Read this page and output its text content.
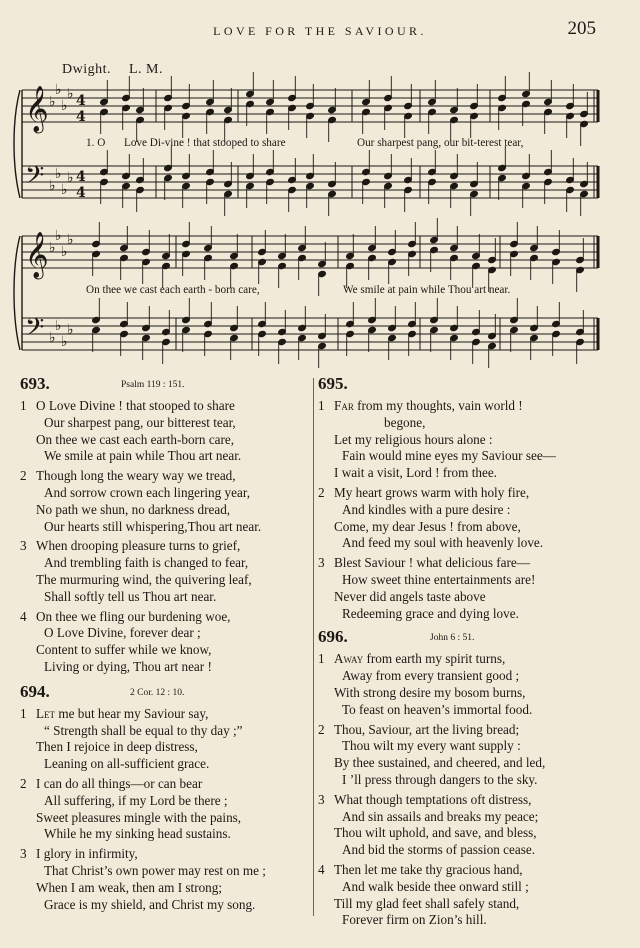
LOVE FOR THE SAVIOUR.	205
Dwight. L. M.
𝄞
𝄢
♭
♭
♭
♭
♭
♭
♭
♭
4
4
4
4
𝄞
𝄢
♭
♭
♭
♭
♭
♭
♭
♭
1. O Love Di-vine ! that stooped to share	Our sharpest pang, our bit-terest tear,
On thee we cast each earth - born care,	We smile at pain while Thou art near.
693.	Psalm 119 : 151.
1 O Love Divine ! that stooped to share
Our sharpest pang, our bitterest tear,
On thee we cast each earth-born care,
We smile at pain while Thou art near.
2 Though long the weary way we tread,
And sorrow crown each lingering year,
No path we shun, no darkness dread,
Our hearts still whispering,Thou art near.
3 When drooping pleasure turns to grief,
And trembling faith is changed to fear,
The murmuring wind, the quivering leaf,
Shall softly tell us Thou art near.
4 On thee we fling our burdening woe,
O Love Divine, forever dear ;
Content to suffer while we know,
Living or dying, Thou art near !
694.	2 Cor. 12 : 10.
1 Let me but hear my Saviour say,
“ Strength shall be equal to thy day ;”
Then I rejoice in deep distress,
Leaning on all-sufficient grace.
2 I can do all things—or can bear
All suffering, if my Lord be there ;
Sweet pleasures mingle with the pains,
While he my sinking head sustains.
3 I glory in infirmity,
That Christ’s own power may rest on me ;
When I am weak, then am I strong;
Grace is my shield, and Christ my song.
695.
1 Far from my thoughts, vain world !
begone,
Let my religious hours alone :
Fain would mine eyes my Saviour see—
I wait a visit, Lord ! from thee.
2 My heart grows warm with holy fire,
And kindles with a pure desire :
Come, my dear Jesus ! from above,
And feed my soul with heavenly love.
3 Blest Saviour ! what delicious fare—
How sweet thine entertainments are!
Never did angels taste above
Redeeming grace and dying love.
696.	John 6 : 51.
1 Away from earth my spirit turns,
Away from every transient good ;
With strong desire my bosom burns,
To feast on heaven’s immortal food.
2 Thou, Saviour, art the living bread;
Thou wilt my every want supply :
By thee sustained, and cheered, and led,
I ’ll press through dangers to the sky.
3 What though temptations oft distress,
And sin assails and breaks my peace;
Thou wilt uphold, and save, and bless,
And bid the storms of passion cease.
4 Then let me take thy gracious hand,
And walk beside thee onward still ;
Till my glad feet shall safely stand,
Forever firm on Zion’s hill.
